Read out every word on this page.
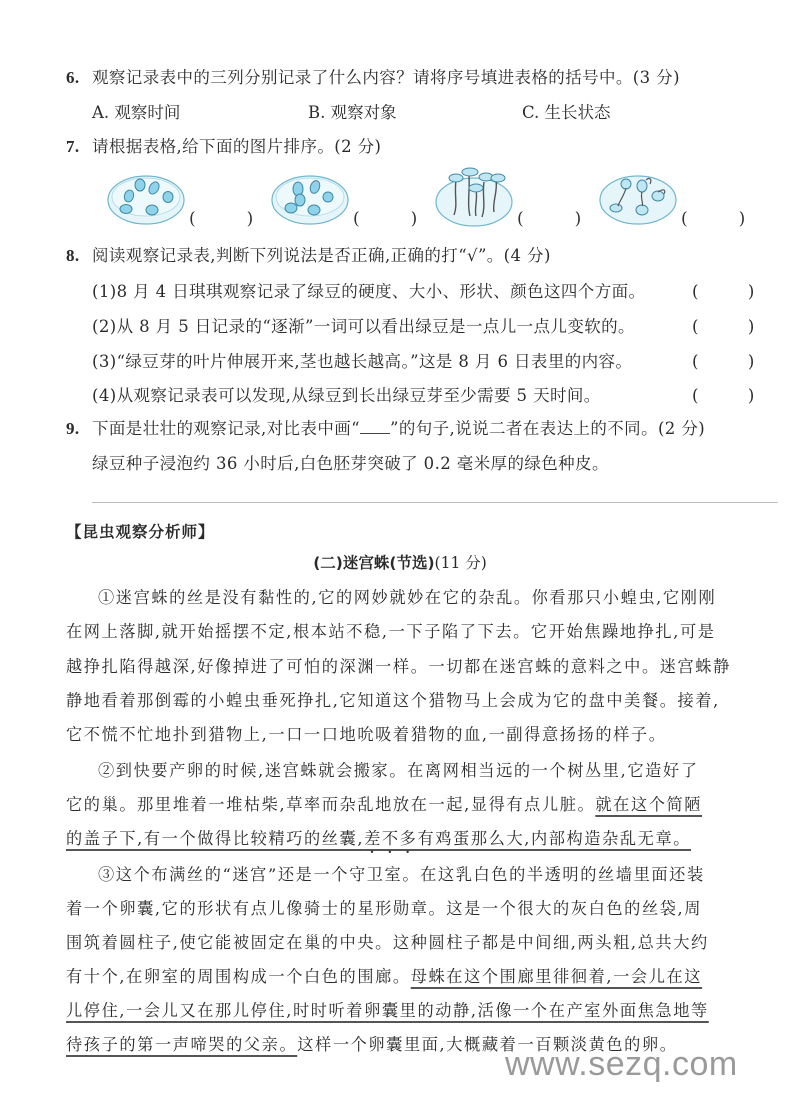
6. 观察记录表中的三列分别记录了什么内容？请将序号填进表格的括号中。(3 分)
A. 观察时间	B. 观察对象	C. 生长状态
7. 请根据表格,给下面的图片排序。(2 分)
(　　　)	(　　　)	(　　　)	(　　　)
8. 阅读观察记录表,判断下列说法是否正确,正确的打“√”。(4 分)
(1)8 月 4 日琪琪观察记录了绿豆的硬度、大小、形状、颜色这四个方面。	(　　　)
(2)从 8 月 5 日记录的“逐渐”一词可以看出绿豆是一点儿一点儿变软的。	(　　　)
(3)“绿豆芽的叶片伸展开来,茎也越长越高。”这是 8 月 6 日表里的内容。	(　　　)
(4)从观察记录表可以发现,从绿豆到长出绿豆芽至少需要 5 天时间。	(　　　)
9. 下面是壮壮的观察记录,对比表中画“ ”的句子,说说二者在表达上的不同。(2 分)
绿豆种子浸泡约 36 小时后,白色胚芽突破了 0.2 毫米厚的绿色种皮。
【昆虫观察分析师】
(二)迷宫蛛(节选)(11 分)
①迷宫蛛的丝是没有黏性的,它的网妙就妙在它的杂乱。你看那只小蝗虫,它刚刚
在网上落脚,就开始摇摆不定,根本站不稳,一下子陷了下去。它开始焦躁地挣扎,可是
越挣扎陷得越深,好像掉进了可怕的深渊一样。一切都在迷宫蛛的意料之中。迷宫蛛静
静地看着那倒霉的小蝗虫垂死挣扎,它知道这个猎物马上会成为它的盘中美餐。接着,
它不慌不忙地扑到猎物上,一口一口地吮吸着猎物的血,一副得意扬扬的样子。
②到快要产卵的时候,迷宫蛛就会搬家。在离网相当远的一个树丛里,它造好了
它的巢。那里堆着一堆枯柴,草率而杂乱地放在一起,显得有点儿脏。就在这个简陋
的盖子下,有一个做得比较精巧的丝囊,差不多有鸡蛋那么大,内部构造杂乱无章。
③这个布满丝的“迷宫”还是一个守卫室。在这乳白色的半透明的丝墙里面还装
着一个卵囊,它的形状有点儿像骑士的星形勋章。这是一个很大的灰白色的丝袋,周
围筑着圆柱子,使它能被固定在巢的中央。这种圆柱子都是中间细,两头粗,总共大约
有十个,在卵室的周围构成一个白色的围廊。母蛛在这个围廊里徘徊着,一会儿在这
儿停住,一会儿又在那儿停住,时时听着卵囊里的动静,活像一个在产室外面焦急地等
待孩子的第一声啼哭的父亲。这样一个卵囊里面,大概藏着一百颗淡黄色的卵。
www.sezq.com
